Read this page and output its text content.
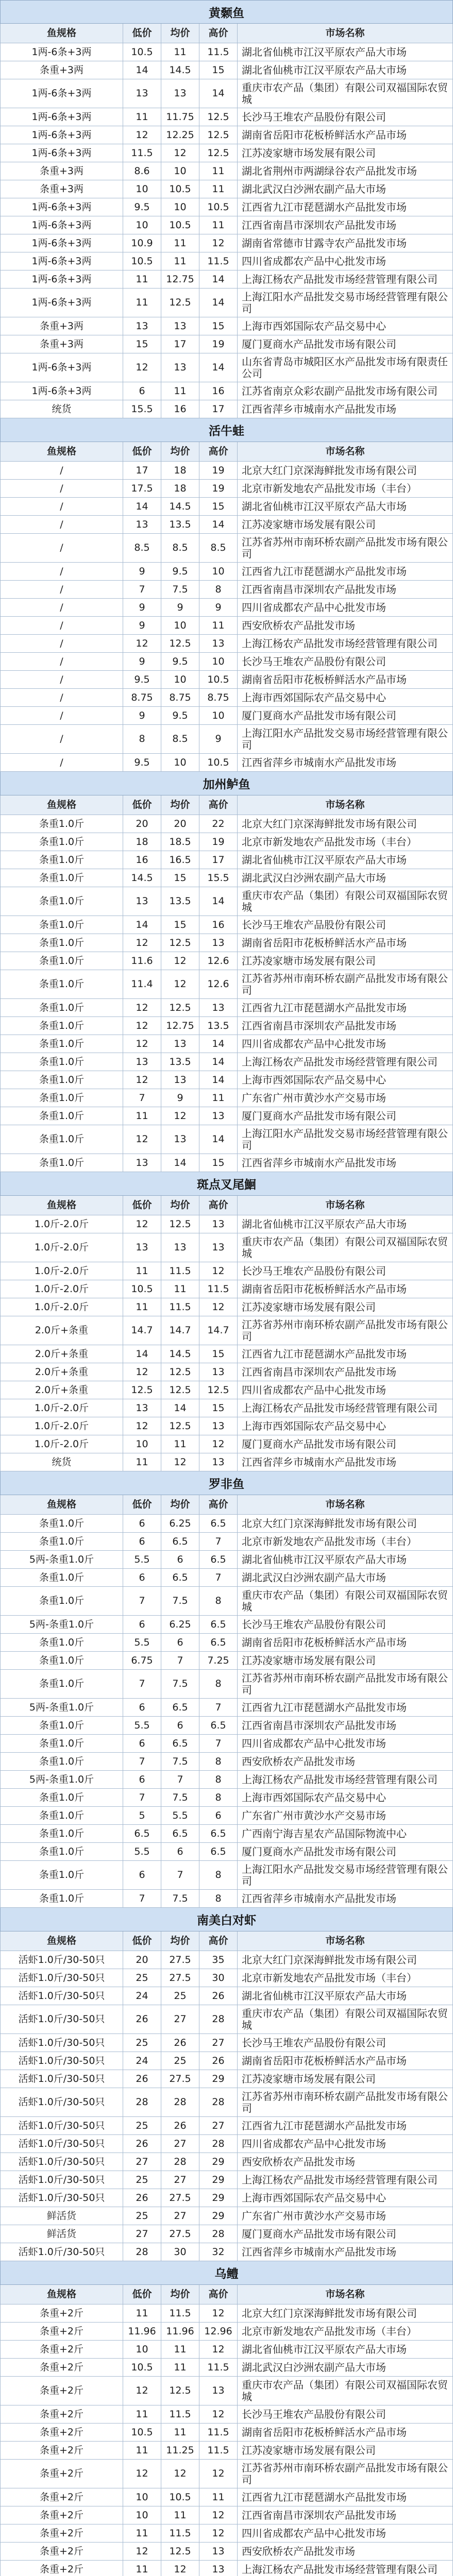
黄颡鱼
鱼规格	低价	均价	高价	市场名称
1两-6条+3两	10.5	11	11.5	湖北省仙桃市江汉平原农产品大市场
条重+3两	14	14.5	15	湖北省仙桃市江汉平原农产品大市场
1两-6条+3两	13	13	14	重庆市农产品（集团）有限公司双福国际农贸城
1两-6条+3两	11	11.75	12.5	长沙马王堆农产品股份有限公司
1两-6条+3两	12	12.25	12.5	湖南省岳阳市花板桥鲜活水产品市场
1两-6条+3两	11.5	12	12.5	江苏凌家塘市场发展有限公司
条重+3两	8.6	10	11	湖北省荆州市两湖绿谷农产品批发市场
条重+3两	10	10.5	11	湖北武汉白沙洲农副产品大市场
1两-6条+3两	9.5	10	10.5	江西省九江市琵琶湖水产品批发市场
1两-6条+3两	10	10.5	11	江西省南昌市深圳农产品批发市场
1两-6条+3两	10.9	11	12	湖南省常德市甘露寺农产品批发市场
1两-6条+3两	10.5	11	11.5	四川省成都农产品中心批发市场
1两-6条+3两	11	12.75	14	上海江杨农产品批发市场经营管理有限公司
1两-6条+3两	11	12.5	14	上海江阳水产品批发交易市场经营管理有限公司
条重+3两	13	13	15	上海市西郊国际农产品交易中心
条重+3两	15	17	19	厦门夏商水产品批发市场有限公司
1两-6条+3两	12	13	14	山东省青岛市城阳区水产品批发市场有限责任公司
1两-6条+3两	6	11	16	江苏省南京众彩农副产品批发市场有限公司
统货	15.5	16	17	江西省萍乡市城南水产品批发市场
活牛蛙
鱼规格	低价	均价	高价	市场名称
/	17	18	19	北京大红门京深海鲜批发市场有限公司
/	17.5	18	19	北京市新发地农产品批发市场（丰台）
/	14	14.5	15	湖北省仙桃市江汉平原农产品大市场
/	13	13.5	14	江苏凌家塘市场发展有限公司
/	8.5	8.5	8.5	江苏省苏州市南环桥农副产品批发市场有限公司
/	9	9.5	10	江西省九江市琵琶湖水产品批发市场
/	7	7.5	8	江西省南昌市深圳农产品批发市场
/	9	9	9	四川省成都农产品中心批发市场
/	9	10	11	西安欣桥农产品批发市场
/	12	12.5	13	上海江杨农产品批发市场经营管理有限公司
/	9	9.5	10	长沙马王堆农产品股份有限公司
/	9.5	10	10.5	湖南省岳阳市花板桥鲜活水产品市场
/	8.75	8.75	8.75	上海市西郊国际农产品交易中心
/	9	9.5	10	厦门夏商水产品批发市场有限公司
/	8	8.5	9	上海江阳水产品批发交易市场经营管理有限公司
/	9.5	10	10.5	江西省萍乡市城南水产品批发市场
加州鲈鱼
鱼规格	低价	均价	高价	市场名称
条重1.0斤	20	20	22	北京大红门京深海鲜批发市场有限公司
条重1.0斤	18	18.5	19	北京市新发地农产品批发市场（丰台）
条重1.0斤	16	16.5	17	湖北省仙桃市江汉平原农产品大市场
条重1.0斤	14.5	15	15.5	湖北武汉白沙洲农副产品大市场
条重1.0斤	13	13.5	14	重庆市农产品（集团）有限公司双福国际农贸城
条重1.0斤	14	15	16	长沙马王堆农产品股份有限公司
条重1.0斤	12	12.5	13	湖南省岳阳市花板桥鲜活水产品市场
条重1.0斤	11.6	12	12.6	江苏凌家塘市场发展有限公司
条重1.0斤	11.4	12	12.6	江苏省苏州市南环桥农副产品批发市场有限公司
条重1.0斤	12	12.5	13	江西省九江市琵琶湖水产品批发市场
条重1.0斤	12	12.75	13.5	江西省南昌市深圳农产品批发市场
条重1.0斤	12	13	14	四川省成都农产品中心批发市场
条重1.0斤	13	13.5	14	上海江杨农产品批发市场经营管理有限公司
条重1.0斤	12	13	14	上海市西郊国际农产品交易中心
条重1.0斤	7	9	11	广东省广州市黄沙水产交易市场
条重1.0斤	11	12	13	厦门夏商水产品批发市场有限公司
条重1.0斤	12	13	14	上海江阳水产品批发交易市场经营管理有限公司
条重1.0斤	13	14	15	江西省萍乡市城南水产品批发市场
斑点叉尾鮰
鱼规格	低价	均价	高价	市场名称
1.0斤-2.0斤	12	12.5	13	湖北省仙桃市江汉平原农产品大市场
1.0斤-2.0斤	13	13	13	重庆市农产品（集团）有限公司双福国际农贸城
1.0斤-2.0斤	11	11.5	12	长沙马王堆农产品股份有限公司
1.0斤-2.0斤	10.5	11	11.5	湖南省岳阳市花板桥鲜活水产品市场
1.0斤-2.0斤	11	11.5	12	江苏凌家塘市场发展有限公司
2.0斤+条重	14.7	14.7	14.7	江苏省苏州市南环桥农副产品批发市场有限公司
2.0斤+条重	14	14.5	15	江西省九江市琵琶湖水产品批发市场
2.0斤+条重	12	12.5	13	江西省南昌市深圳农产品批发市场
2.0斤+条重	12.5	12.5	12.5	四川省成都农产品中心批发市场
1.0斤-2.0斤	13	14	15	上海江杨农产品批发市场经营管理有限公司
1.0斤-2.0斤	12	12.5	13	上海市西郊国际农产品交易中心
1.0斤-2.0斤	10	11	12	厦门夏商水产品批发市场有限公司
统货	11	12	13	江西省萍乡市城南水产品批发市场
罗非鱼
鱼规格	低价	均价	高价	市场名称
条重1.0斤	6	6.25	6.5	北京大红门京深海鲜批发市场有限公司
条重1.0斤	6	6.5	7	北京市新发地农产品批发市场（丰台）
5两-条重1.0斤	5.5	6	6.5	湖北省仙桃市江汉平原农产品大市场
条重1.0斤	6	6.5	7	湖北武汉白沙洲农副产品大市场
条重1.0斤	7	7.5	8	重庆市农产品（集团）有限公司双福国际农贸城
5两-条重1.0斤	6	6.25	6.5	长沙马王堆农产品股份有限公司
条重1.0斤	5.5	6	6.5	湖南省岳阳市花板桥鲜活水产品市场
条重1.0斤	6.75	7	7.25	江苏凌家塘市场发展有限公司
条重1.0斤	7	7.5	8	江苏省苏州市南环桥农副产品批发市场有限公司
5两-条重1.0斤	6	6.5	7	江西省九江市琵琶湖水产品批发市场
条重1.0斤	5.5	6	6.5	江西省南昌市深圳农产品批发市场
条重1.0斤	6	6.5	7	四川省成都农产品中心批发市场
条重1.0斤	7	7.5	8	西安欣桥农产品批发市场
5两-条重1.0斤	6	7	8	上海江杨农产品批发市场经营管理有限公司
条重1.0斤	7	7.5	8	上海市西郊国际农产品交易中心
条重1.0斤	5	5.5	6	广东省广州市黄沙水产交易市场
条重1.0斤	6.5	6.5	6.5	广西南宁海吉星农产品国际物流中心
条重1.0斤	5.5	6	6.5	厦门夏商水产品批发市场有限公司
条重1.0斤	6	7	8	上海江阳水产品批发交易市场经营管理有限公司
条重1.0斤	7	7.5	8	江西省萍乡市城南水产品批发市场
南美白对虾
鱼规格	低价	均价	高价	市场名称
活虾1.0斤/30-50只	20	27.5	35	北京大红门京深海鲜批发市场有限公司
活虾1.0斤/30-50只	25	27.5	30	北京市新发地农产品批发市场（丰台）
活虾1.0斤/30-50只	24	25	26	湖北省仙桃市江汉平原农产品大市场
活虾1.0斤/30-50只	26	27	28	重庆市农产品（集团）有限公司双福国际农贸城
活虾1.0斤/30-50只	25	26	27	长沙马王堆农产品股份有限公司
活虾1.0斤/30-50只	24	25	26	湖南省岳阳市花板桥鲜活水产品市场
活虾1.0斤/30-50只	26	27.5	29	江苏凌家塘市场发展有限公司
活虾1.0斤/30-50只	28	28	28	江苏省苏州市南环桥农副产品批发市场有限公司
活虾1.0斤/30-50只	25	26	27	江西省九江市琵琶湖水产品批发市场
活虾1.0斤/30-50只	26	27	28	四川省成都农产品中心批发市场
活虾1.0斤/30-50只	27	28	29	西安欣桥农产品批发市场
活虾1.0斤/30-50只	25	27	29	上海江杨农产品批发市场经营管理有限公司
活虾1.0斤/30-50只	26	27.5	29	上海市西郊国际农产品交易中心
鲜活货	25	27	29	广东省广州市黄沙水产交易市场
鲜活货	27	27.5	28	厦门夏商水产品批发市场有限公司
活虾1.0斤/30-50只	28	30	32	江西省萍乡市城南水产品批发市场
乌鳢
鱼规格	低价	均价	高价	市场名称
条重+2斤	11	11.5	12	北京大红门京深海鲜批发市场有限公司
条重+2斤	11.96	11.96	12.96 北京市新发地农产品批发市场（丰台）
条重+2斤	10	11	12	湖北省仙桃市江汉平原农产品大市场
条重+2斤	10.5	11	11.5	湖北武汉白沙洲农副产品大市场
条重+2斤	12	12.5	13	重庆市农产品（集团）有限公司双福国际农贸城
条重+2斤	11	11.5	12	长沙马王堆农产品股份有限公司
条重+2斤	10.5	11	11.5	湖南省岳阳市花板桥鲜活水产品市场
条重+2斤	11	11.25	11.5	江苏凌家塘市场发展有限公司
条重+2斤	12	12	12	江苏省苏州市南环桥农副产品批发市场有限公司
条重+2斤	10	10.5	11	江西省九江市琵琶湖水产品批发市场
条重+2斤	10	11	12	江西省南昌市深圳农产品批发市场
条重+2斤	11	11.5	12	四川省成都农产品中心批发市场
条重+2斤	12	12.5	13	西安欣桥农产品批发市场
条重+2斤	11	12	13	上海江杨农产品批发市场经营管理有限公司
